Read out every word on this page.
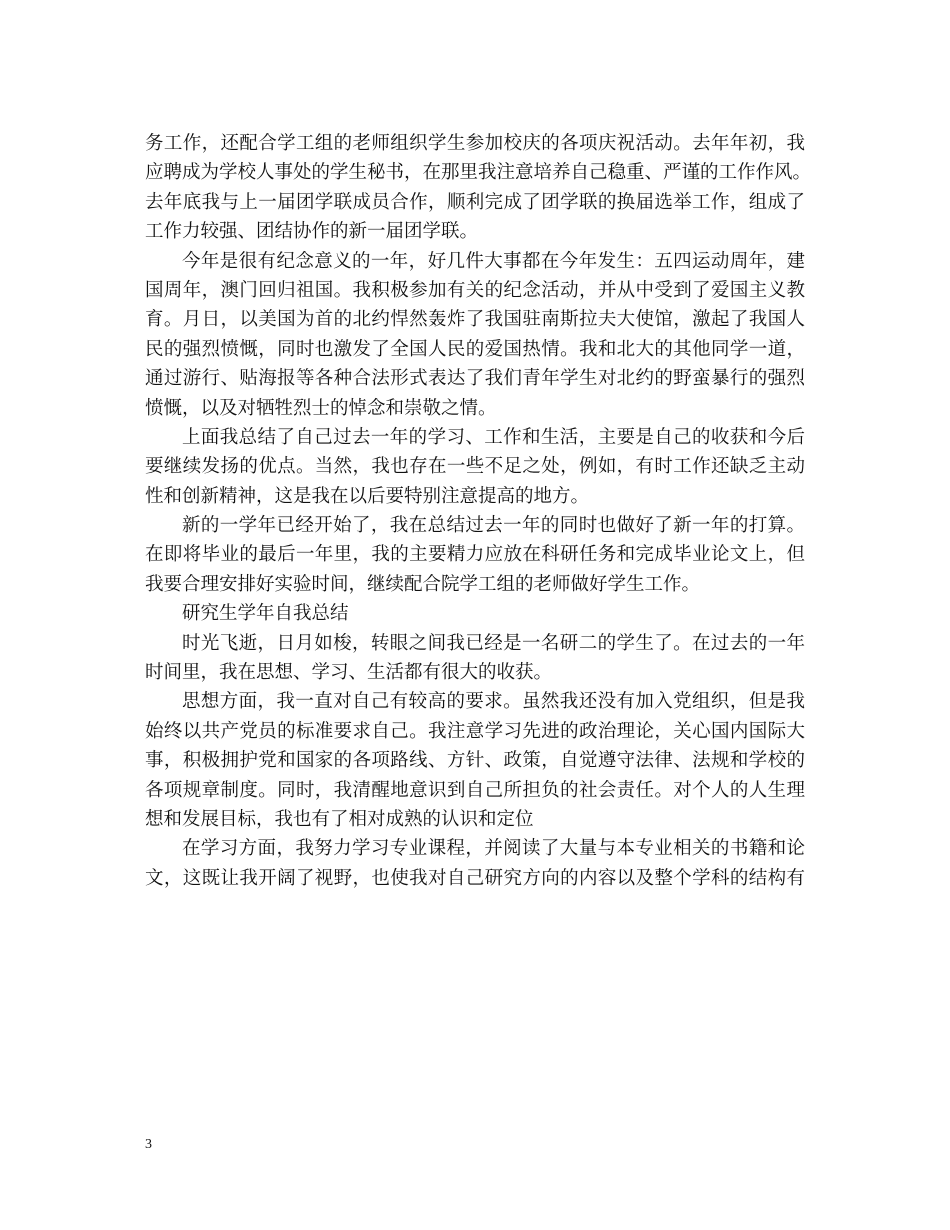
务工作，还配合学工组的老师组织学生参加校庆的各项庆祝活动。去年年初，我
应聘成为学校人事处的学生秘书，在那里我注意培养自己稳重、严谨的工作作风。
去年底我与上一届团学联成员合作，顺利完成了团学联的换届选举工作，组成了
工作力较强、团结协作的新一届团学联。
今年是很有纪念意义的一年，好几件大事都在今年发生：五四运动周年，建
国周年，澳门回归祖国。我积极参加有关的纪念活动，并从中受到了爱国主义教
育。月日，以美国为首的北约悍然轰炸了我国驻南斯拉夫大使馆，激起了我国人
民的强烈愤慨，同时也激发了全国人民的爱国热情。我和北大的其他同学一道，
通过游行、贴海报等各种合法形式表达了我们青年学生对北约的野蛮暴行的强烈
愤慨，以及对牺牲烈士的悼念和崇敬之情。
上面我总结了自己过去一年的学习、工作和生活，主要是自己的收获和今后
要继续发扬的优点。当然，我也存在一些不足之处，例如，有时工作还缺乏主动
性和创新精神，这是我在以后要特别注意提高的地方。
新的一学年已经开始了，我在总结过去一年的同时也做好了新一年的打算。
在即将毕业的最后一年里，我的主要精力应放在科研任务和完成毕业论文上，但
我要合理安排好实验时间，继续配合院学工组的老师做好学生工作。
研究生学年自我总结
时光飞逝，日月如梭，转眼之间我已经是一名研二的学生了。在过去的一年
时间里，我在思想、学习、生活都有很大的收获。
思想方面，我一直对自己有较高的要求。虽然我还没有加入党组织，但是我
始终以共产党员的标准要求自己。我注意学习先进的政治理论，关心国内国际大
事，积极拥护党和国家的各项路线、方针、政策，自觉遵守法律、法规和学校的
各项规章制度。同时，我清醒地意识到自己所担负的社会责任。对个人的人生理
想和发展目标，我也有了相对成熟的认识和定位
在学习方面，我努力学习专业课程，并阅读了大量与本专业相关的书籍和论
文，这既让我开阔了视野，也使我对自己研究方向的内容以及整个学科的结构有
3
